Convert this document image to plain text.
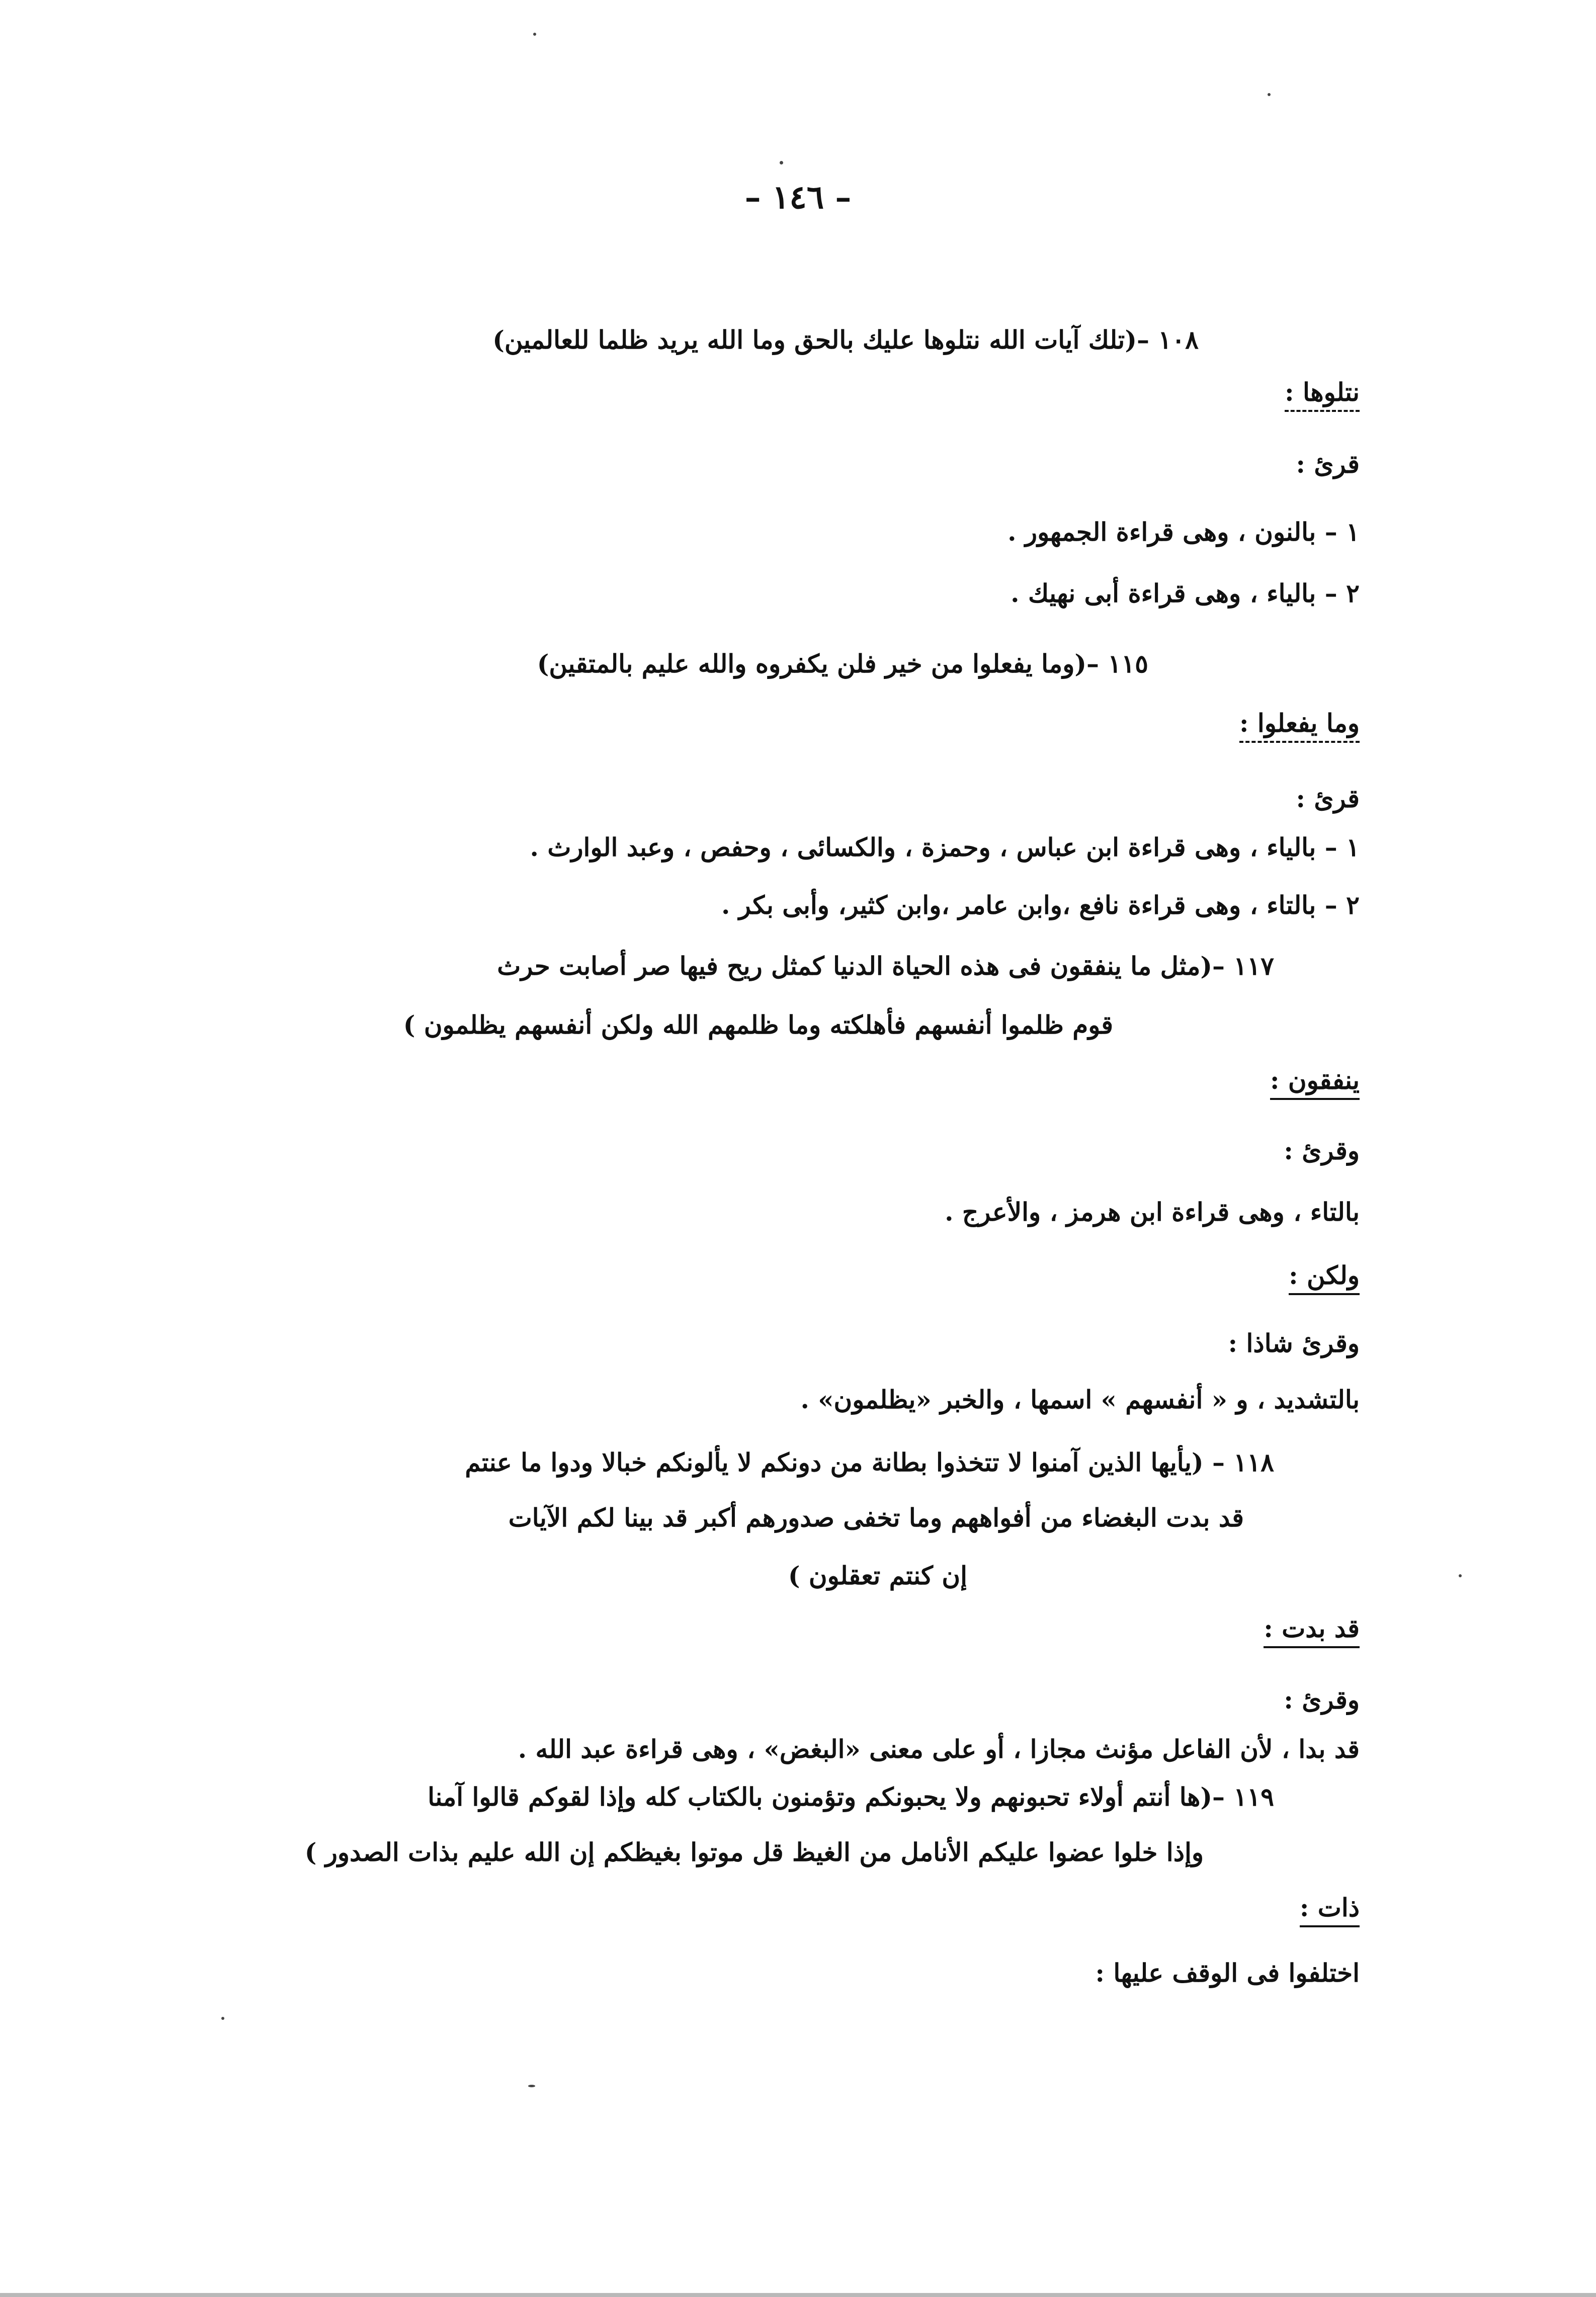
– ١٤٦ –
١٠٨ –(تلك آيات الله نتلوها عليك بالحق وما الله يريد ظلما للعالمين)
نتلوها :
قرئ :
١ – بالنون ، وهى قراءة الجمهور .
٢ – بالياء ، وهى قراءة أبى نهيك .
١١٥ –(وما يفعلوا من خير فلن يكفروه والله عليم بالمتقين)
وما يفعلوا :
قرئ :
١ – بالياء ، وهى قراءة ابن عباس ، وحمزة ، والكسائى ، وحفص ، وعبد الوارث .
٢ – بالتاء ، وهى قراءة نافع ،وابن عامر ،وابن كثير، وأبى بكر .
١١٧ –(مثل ما ينفقون فى هذه الحياة الدنيا كمثل ريح فيها صر أصابت حرث
قوم ظلموا أنفسهم فأهلكته وما ظلمهم الله ولكن أنفسهم يظلمون )
ينفقون :
وقرئ :
بالتاء ، وهى قراءة ابن هرمز ، والأعرج .
ولكن :
وقرئ شاذا :
بالتشديد ، و « أنفسهم » اسمها ، والخبر «يظلمون» .
١١٨ – (يأيها الذين آمنوا لا تتخذوا بطانة من دونكم لا يألونكم خبالا ودوا ما عنتم
قد بدت البغضاء من أفواههم وما تخفى صدورهم أكبر قد بينا لكم الآيات
إن كنتم تعقلون )
قد بدت :
وقرئ :
قد بدا ، لأن الفاعل مؤنث مجازا ، أو على معنى «البغض» ، وهى قراءة عبد الله .
١١٩ –(ها أنتم أولاء تحبونهم ولا يحبونكم وتؤمنون بالكتاب كله وإذا لقوكم قالوا آمنا
وإذا خلوا عضوا عليكم الأنامل من الغيظ قل موتوا بغيظكم إن الله عليم بذات الصدور )
ذات :
اختلفوا فى الوقف عليها :
